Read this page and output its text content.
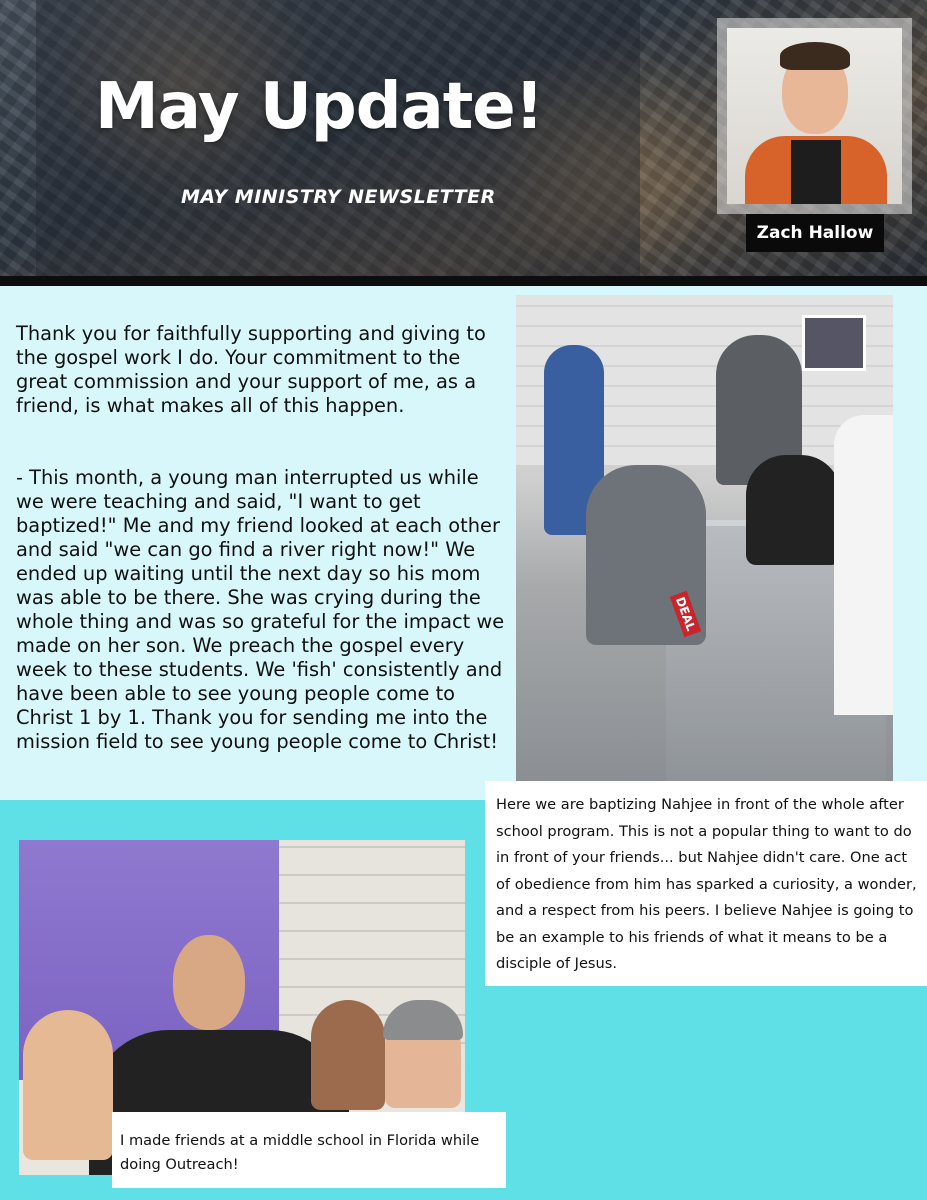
May Update!
MAY MINISTRY NEWSLETTER
Zach Hallow

Thank you for faithfully supporting and giving to the gospel work I do. Your commitment to the great commission and your support of me, as a friend, is what makes all of this happen.

- This month, a young man interrupted us while we were teaching and said, "I want to get baptized!" Me and my friend looked at each other and said "we can go find a river right now!" We ended up waiting until the next day so his mom was able to be there. She was crying during the whole thing and was so grateful for the impact we made on her son. We preach the gospel every week to these students. We 'fish' consistently and have been able to see young people come to Christ 1 by 1. Thank you for sending me into the mission field to see young people come to Christ!

DEAL

Here we are baptizing Nahjee in front of the whole after school program. This is not a popular thing to want to do in front of your friends... but Nahjee didn't care. One act of obedience from him has sparked a curiosity, a wonder, and a respect from his peers. I believe Nahjee is going to be an example to his friends of what it means to be a disciple of Jesus.

I made friends at a middle school in Florida while doing Outreach!
